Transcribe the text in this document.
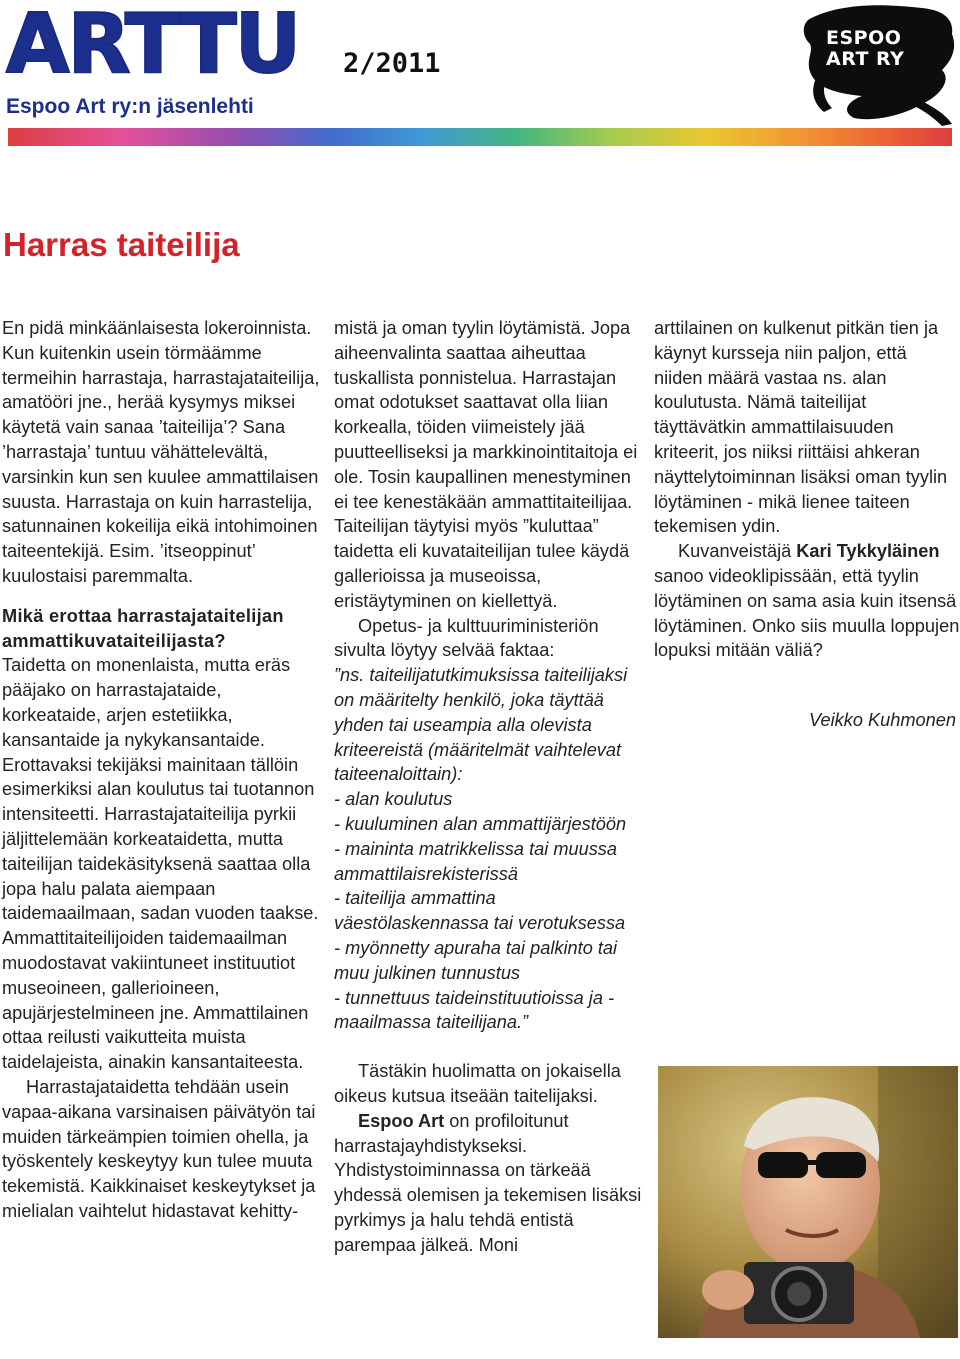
ARTTU 2/2011
Espoo Art ry:n jäsenlehti
ESPOO
ART RY
Harras taiteilija

En pidä minkäänlaisesta lokeroinnista. Kun kuitenkin usein törmäämme termeihin harrastaja, harrastajataiteilija, amatööri jne., herää kysymys miksei käytetä vain sanaa ’taiteilija’? Sana ’harrastaja’ tuntuu vähättelevältä, varsinkin kun sen kuulee ammattilaisen suusta. Harrastaja on kuin harrastelija, satunnainen kokeilija eikä intohimoinen taiteentekijä. Esim. ’itseoppinut’ kuulostaisi paremmalta.

Mikä erottaa harrastajataitelijan ammattikuvataiteilijasta?

Taidetta on monenlaista, mutta eräs pääjako on harrastajataide, korkeataide, arjen estetiikka, kansantaide ja nykykansantaide. Erottavaksi tekijäksi mainitaan tällöin esimerkiksi alan koulutus tai tuotannon intensiteetti. Harrastajataiteilija pyrkii jäljittelemään korkeataidetta, mutta taiteilijan taidekäsityksenä saattaa olla jopa halu palata aiempaan taidemaailmaan, sadan vuoden taakse. Ammattitaiteilijoiden taidemaailman muodostavat vakiintuneet instituutiot museoineen, gallerioineen, apujärjestelmineen jne. Ammattilainen ottaa reilusti vaikutteita muista taidelajeista, ainakin kansantaiteesta.

Harrastajataidetta tehdään usein vapaa-aikana varsinaisen päivätyön tai muiden tärkeämpien toimien ohella, ja työskentely keskeytyy kun tulee muuta tekemistä. Kaikkinaiset keskeytykset ja mielialan vaihtelut hidastavat kehitty-

mistä ja oman tyylin löytämistä. Jopa aiheenvalinta saattaa aiheuttaa tuskallista ponnistelua. Harrastajan omat odotukset saattavat olla liian korkealla, töiden viimeistely jää puutteelliseksi ja markkinointitaitoja ei ole. Tosin kaupallinen menestyminen ei tee kenestäkään ammattitaiteilijaa. Taiteilijan täytyisi myös ”kuluttaa” taidetta eli kuvataiteilijan tulee käydä gallerioissa ja museoissa, eristäytyminen on kiellettyä.

Opetus- ja kulttuuriministeriön sivulta löytyy selvää faktaa:

”ns. taiteilijatutkimuksissa taiteilijaksi on määritelty henkilö, joka täyttää yhden tai useampia alla olevista kriteereistä (määritelmät vaihtelevat taiteenaloittain):

- alan koulutus

- kuuluminen alan ammattijärjestöön

- maininta matrikkelissa tai muussa ammattilaisrekisterissä

- taiteilija ammattina väestölaskennassa tai verotuksessa

- myönnetty apuraha tai palkinto tai muu julkinen tunnustus

- tunnettuus taideinstituutioissa ja -maailmassa taiteilijana.”

Tästäkin huolimatta on jokaisella oikeus kutsua itseään taitelijaksi.

Espoo Art on profiloitunut harrastajayhdistykseksi. Yhdistystoiminnassa on tärkeää yhdessä olemisen ja tekemisen lisäksi pyrkimys ja halu tehdä entistä parempaa jälkeä. Moni

arttilainen on kulkenut pitkän tien ja käynyt kursseja niin paljon, että niiden määrä vastaa ns. alan koulutusta. Nämä taiteilijat täyttävätkin ammattilaisuuden kriteerit, jos niiksi riittäisi ahkeran näyttelytoiminnan lisäksi oman tyylin löytäminen - mikä lienee taiteen tekemisen ydin.

Kuvanveistäjä Kari Tykkyläinen sanoo videoklipissään, että tyylin löytäminen on sama asia kuin itsensä löytäminen. Onko siis muulla loppujen lopuksi mitään väliä?

Veikko Kuhmonen
